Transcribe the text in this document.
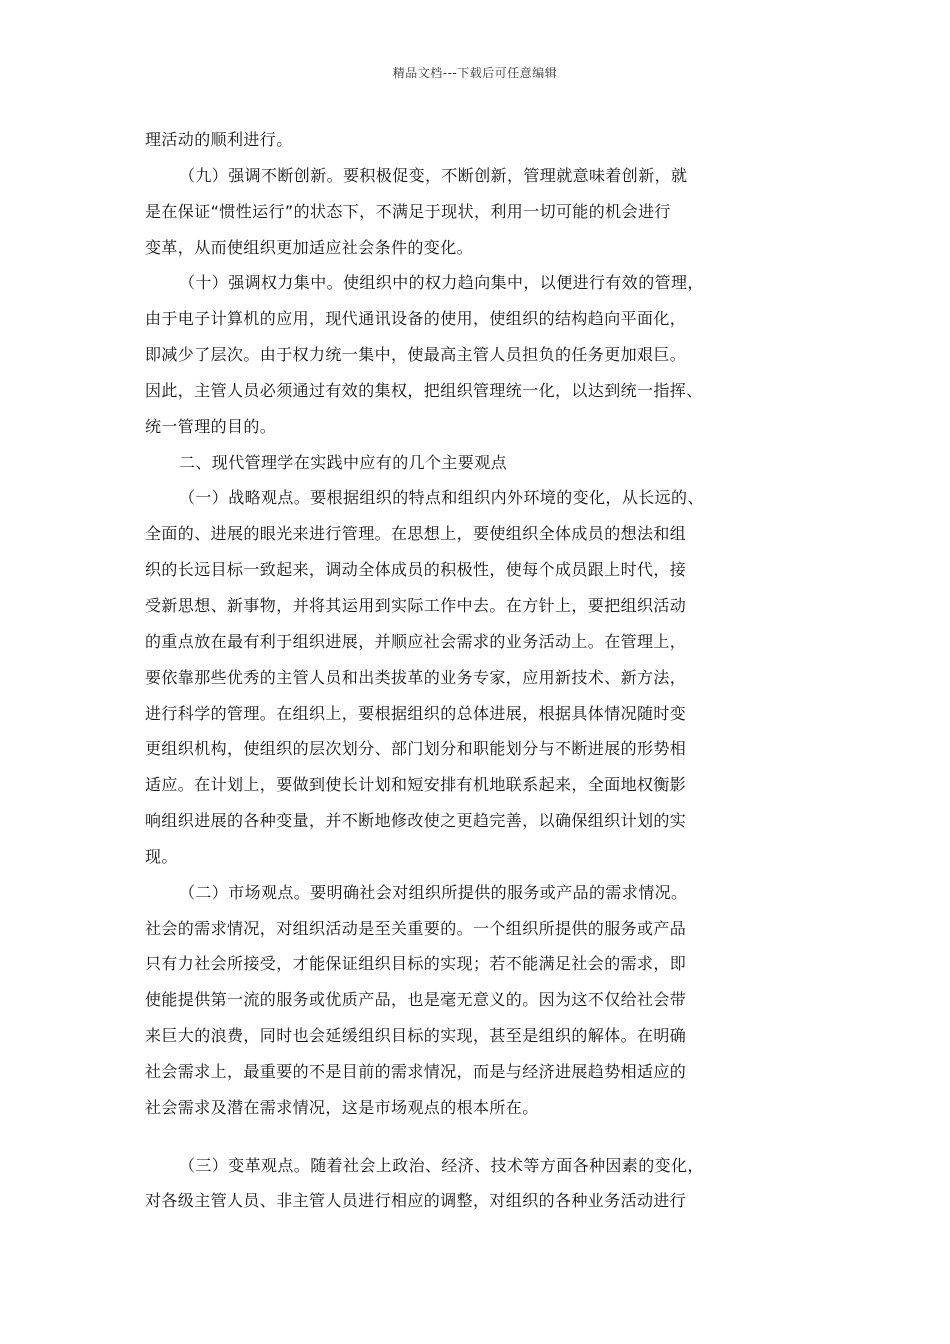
精品文档---下载后可任意编辑
理活动的顺利进行。
（九）强调不断创新。要积极促变，不断创新，管理就意味着创新，就
是在保证“惯性运行”的状态下，不满足于现状，利用一切可能的机会进行
变革，从而使组织更加适应社会条件的变化。
（十）强调权力集中。使组织中的权力趋向集中，以便进行有效的管理，
由于电子计算机的应用，现代通讯设备的使用，使组织的结构趋向平面化，
即减少了层次。由于权力统一集中，使最高主管人员担负的任务更加艰巨。
因此，主管人员必须通过有效的集权，把组织管理统一化，以达到统一指挥、
统一管理的目的。
二、现代管理学在实践中应有的几个主要观点
（一）战略观点。要根据组织的特点和组织内外环境的变化，从长远的、
全面的、进展的眼光来进行管理。在思想上，要使组织全体成员的想法和组
织的长远目标一致起来，调动全体成员的积极性，使每个成员跟上时代，接
受新思想、新事物，并将其运用到实际工作中去。在方针上，要把组织活动
的重点放在最有利于组织进展，并顺应社会需求的业务活动上。在管理上，
要依靠那些优秀的主管人员和出类拔革的业务专家，应用新技术、新方法，
进行科学的管理。在组织上，要根据组织的总体进展，根据具体情况随时变
更组织机构，使组织的层次划分、部门划分和职能划分与不断进展的形势相
适应。在计划上，要做到使长计划和短安排有机地联系起来，全面地权衡影
响组织进展的各种变量，并不断地修改使之更趋完善，以确保组织计划的实
现。
（二）市场观点。要明确社会对组织所提供的服务或产品的需求情况。
社会的需求情况，对组织活动是至关重要的。一个组织所提供的服务或产品
只有力社会所接受，才能保证组织目标的实现；若不能满足社会的需求，即
使能提供第一流的服务或优质产品，也是毫无意义的。因为这不仅给社会带
来巨大的浪费，同时也会延缓组织目标的实现，甚至是组织的解体。在明确
社会需求上，最重要的不是目前的需求情况，而是与经济进展趋势相适应的
社会需求及潜在需求情况，这是市场观点的根本所在。
（三）变革观点。随着社会上政治、经济、技术等方面各种因素的变化，
对各级主管人员、非主管人员进行相应的调整，对组织的各种业务活动进行
